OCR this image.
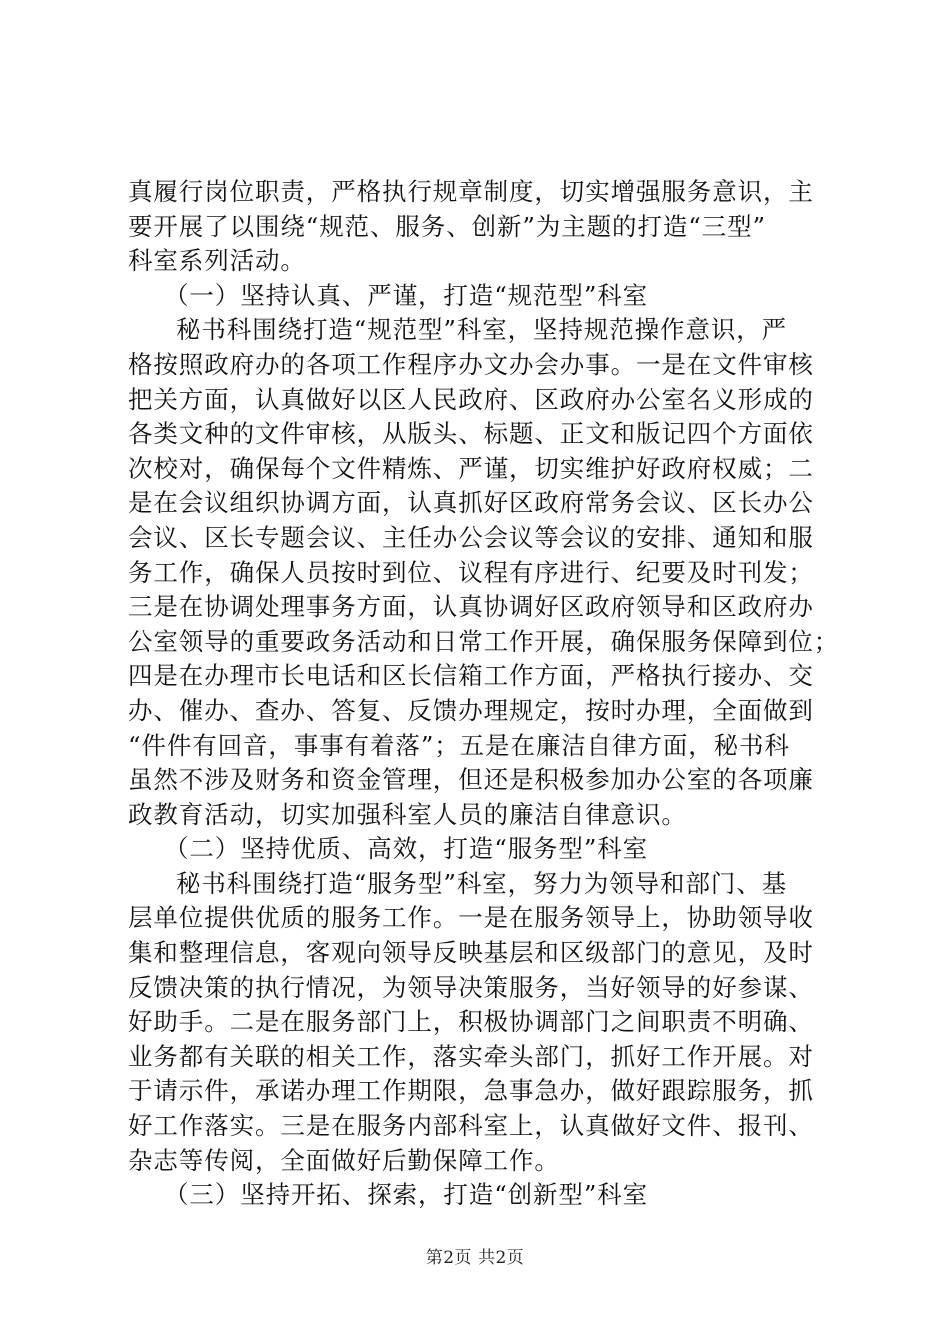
真履行岗位职责，严格执行规章制度，切实增强服务意识，主
要开展了以围绕“规范、服务、创新”为主题的打造“三型”
科室系列活动。
（一）坚持认真、严谨，打造“规范型”科室
秘书科围绕打造“规范型”科室，坚持规范操作意识，严
格按照政府办的各项工作程序办文办会办事。一是在文件审核
把关方面，认真做好以区人民政府、区政府办公室名义形成的
各类文种的文件审核，从版头、标题、正文和版记四个方面依
次校对，确保每个文件精炼、严谨，切实维护好政府权威；二
是在会议组织协调方面，认真抓好区政府常务会议、区长办公
会议、区长专题会议、主任办公会议等会议的安排、通知和服
务工作，确保人员按时到位、议程有序进行、纪要及时刊发；
三是在协调处理事务方面，认真协调好区政府领导和区政府办
公室领导的重要政务活动和日常工作开展，确保服务保障到位；
四是在办理市长电话和区长信箱工作方面，严格执行接办、交
办、催办、查办、答复、反馈办理规定，按时办理，全面做到
“件件有回音，事事有着落”；五是在廉洁自律方面，秘书科
虽然不涉及财务和资金管理，但还是积极参加办公室的各项廉
政教育活动，切实加强科室人员的廉洁自律意识。
（二）坚持优质、高效，打造“服务型”科室
秘书科围绕打造“服务型”科室，努力为领导和部门、基
层单位提供优质的服务工作。一是在服务领导上，协助领导收
集和整理信息，客观向领导反映基层和区级部门的意见，及时
反馈决策的执行情况，为领导决策服务，当好领导的好参谋、
好助手。二是在服务部门上，积极协调部门之间职责不明确、
业务都有关联的相关工作，落实牵头部门，抓好工作开展。对
于请示件，承诺办理工作期限，急事急办，做好跟踪服务，抓
好工作落实。三是在服务内部科室上，认真做好文件、报刊、
杂志等传阅，全面做好后勤保障工作。
（三）坚持开拓、探索，打造“创新型”科室
第2页 共2页
